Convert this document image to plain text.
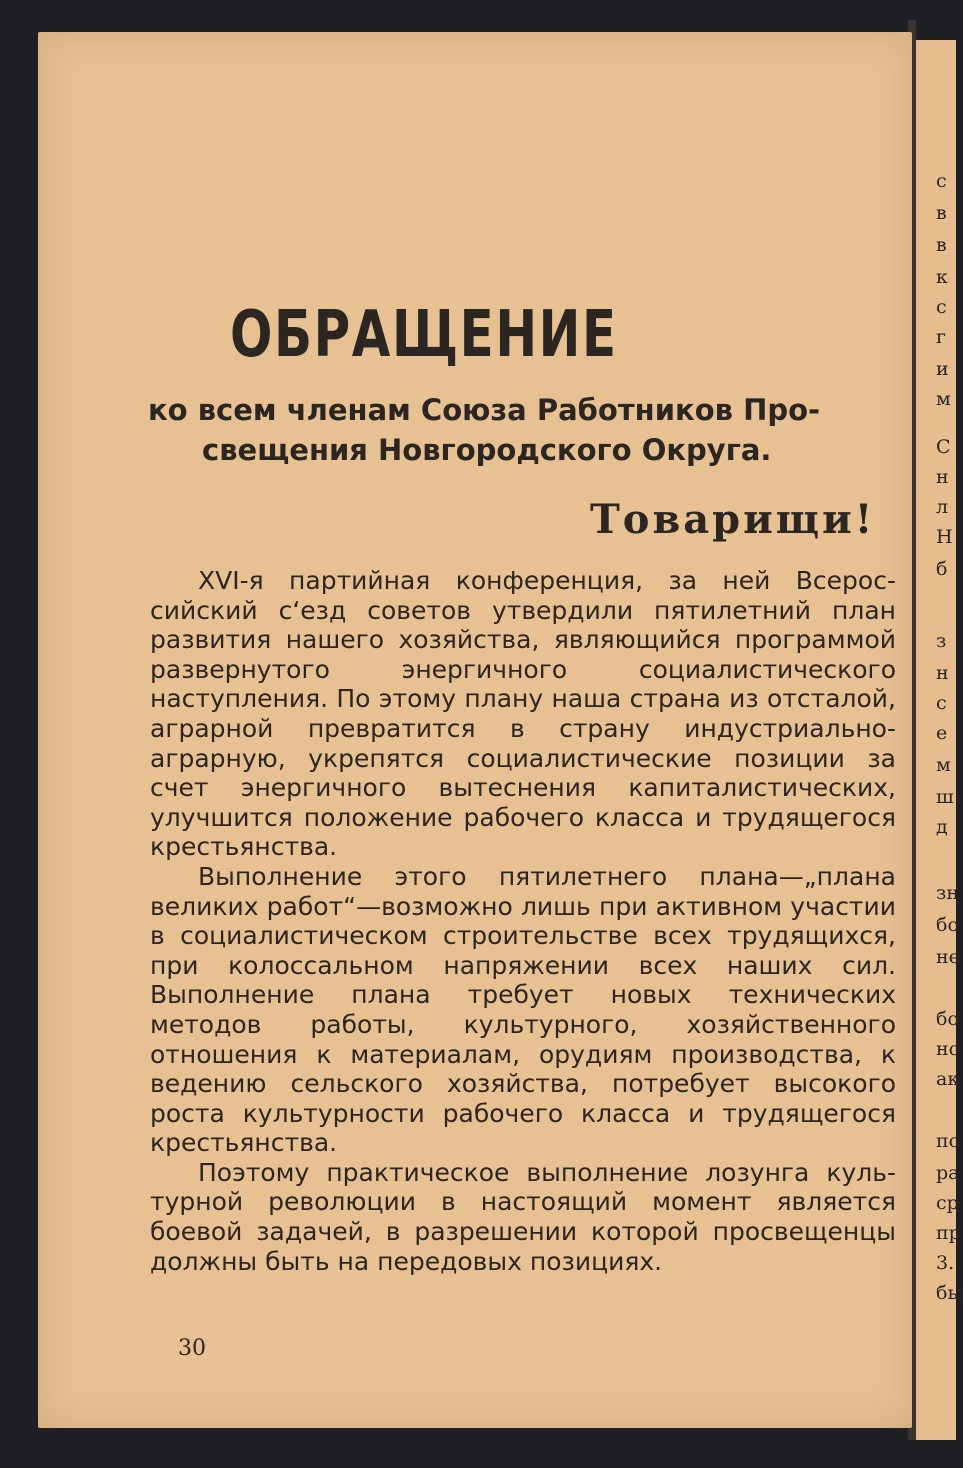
с
в
в
к
с
г
и
м
С
н
л
Н
б
з
н
с
е
м
ш
д
зн
бо
не
бо
но
ак
по
ра
ср
пр
3.
бы
ОБРАЩЕНИЕ
ко всем членам Союза Работников Про-
свещения Новгородского Округа.
Товарищи!

XVI-я партийная конференция, за ней Всероссийский с‘езд советов утвердили пятилетний план развития нашего хозяйства, являющийся программой развернутого энергичного социалистического наступления. По этому плану наша страна из отсталой, аграрной превратится в страну индустриально-аграрную, укрепятся социалистические позиции за счет энергичного вытеснения капиталистических, улучшится положение рабочего класса и трудящегося крестьянства.

Выполнение этого пятилетнего плана—„плана великих работ“—возможно лишь при активном участии в социалистическом строительстве всех трудящихся, при колоссальном напряжении всех наших сил. Выполнение плана требует новых технических методов работы, культурного, хозяйственного отношения к материалам, орудиям производства, к ведению сельского хозяйства, потребует высокого роста культурности рабочего класса и трудящегося крестьянства.

Поэтому практическое выполнение лозунга культурной революции в настоящий момент является боевой задачей, в разрешении которой просвещенцы должны быть на передовых позициях.

30
